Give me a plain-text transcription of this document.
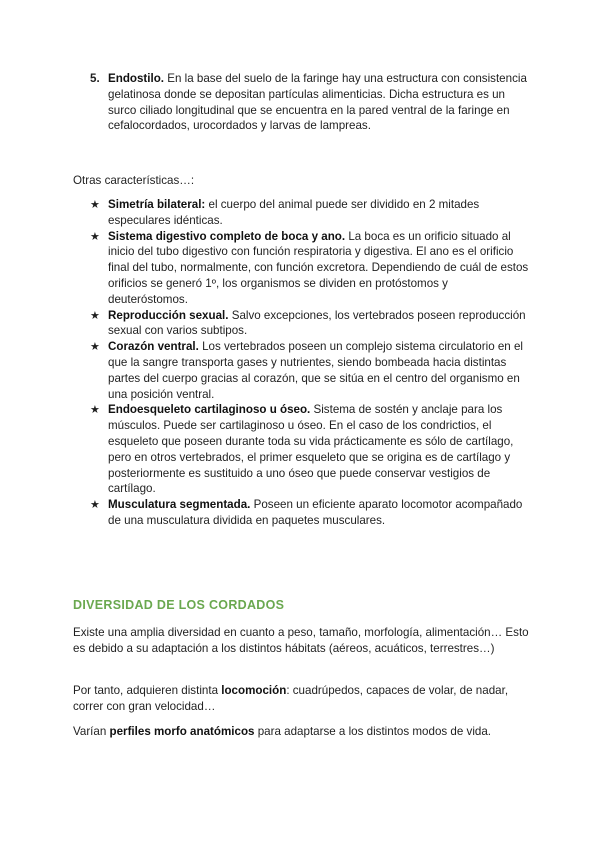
5. Endostilo. En la base del suelo de la faringe hay una estructura con consistencia gelatinosa donde se depositan partículas alimenticias. Dicha estructura es un surco ciliado longitudinal que se encuentra en la pared ventral de la faringe en cefalocordados, urocordados y larvas de lampreas.
Otras características…:
★ Simetría bilateral: el cuerpo del animal puede ser dividido en 2 mitades especulares idénticas.
★ Sistema digestivo completo de boca y ano. La boca es un orificio situado al inicio del tubo digestivo con función respiratoria y digestiva. El ano es el orificio final del tubo, normalmente, con función excretora. Dependiendo de cuál de estos orificios se generó 1º, los organismos se dividen en protóstomos y deuteróstomos.
★ Reproducción sexual. Salvo excepciones, los vertebrados poseen reproducción sexual con varios subtipos.
★ Corazón ventral. Los vertebrados poseen un complejo sistema circulatorio en el que la sangre transporta gases y nutrientes, siendo bombeada hacia distintas partes del cuerpo gracias al corazón, que se sitúa en el centro del organismo en una posición ventral.
★ Endoesqueleto cartilaginoso u óseo. Sistema de sostén y anclaje para los músculos. Puede ser cartilaginoso u óseo. En el caso de los condrictios, el esqueleto que poseen durante toda su vida prácticamente es sólo de cartílago, pero en otros vertebrados, el primer esqueleto que se origina es de cartílago y posteriormente es sustituido a uno óseo que puede conservar vestigios de cartílago.
★ Musculatura segmentada. Poseen un eficiente aparato locomotor acompañado de una musculatura dividida en paquetes musculares.
DIVERSIDAD DE LOS CORDADOS
Existe una amplia diversidad en cuanto a peso, tamaño, morfología, alimentación… Esto es debido a su adaptación a los distintos hábitats (aéreos, acuáticos, terrestres…)
Por tanto, adquieren distinta locomoción: cuadrúpedos, capaces de volar, de nadar, correr con gran velocidad…
Varían perfiles morfo anatómicos para adaptarse a los distintos modos de vida.
